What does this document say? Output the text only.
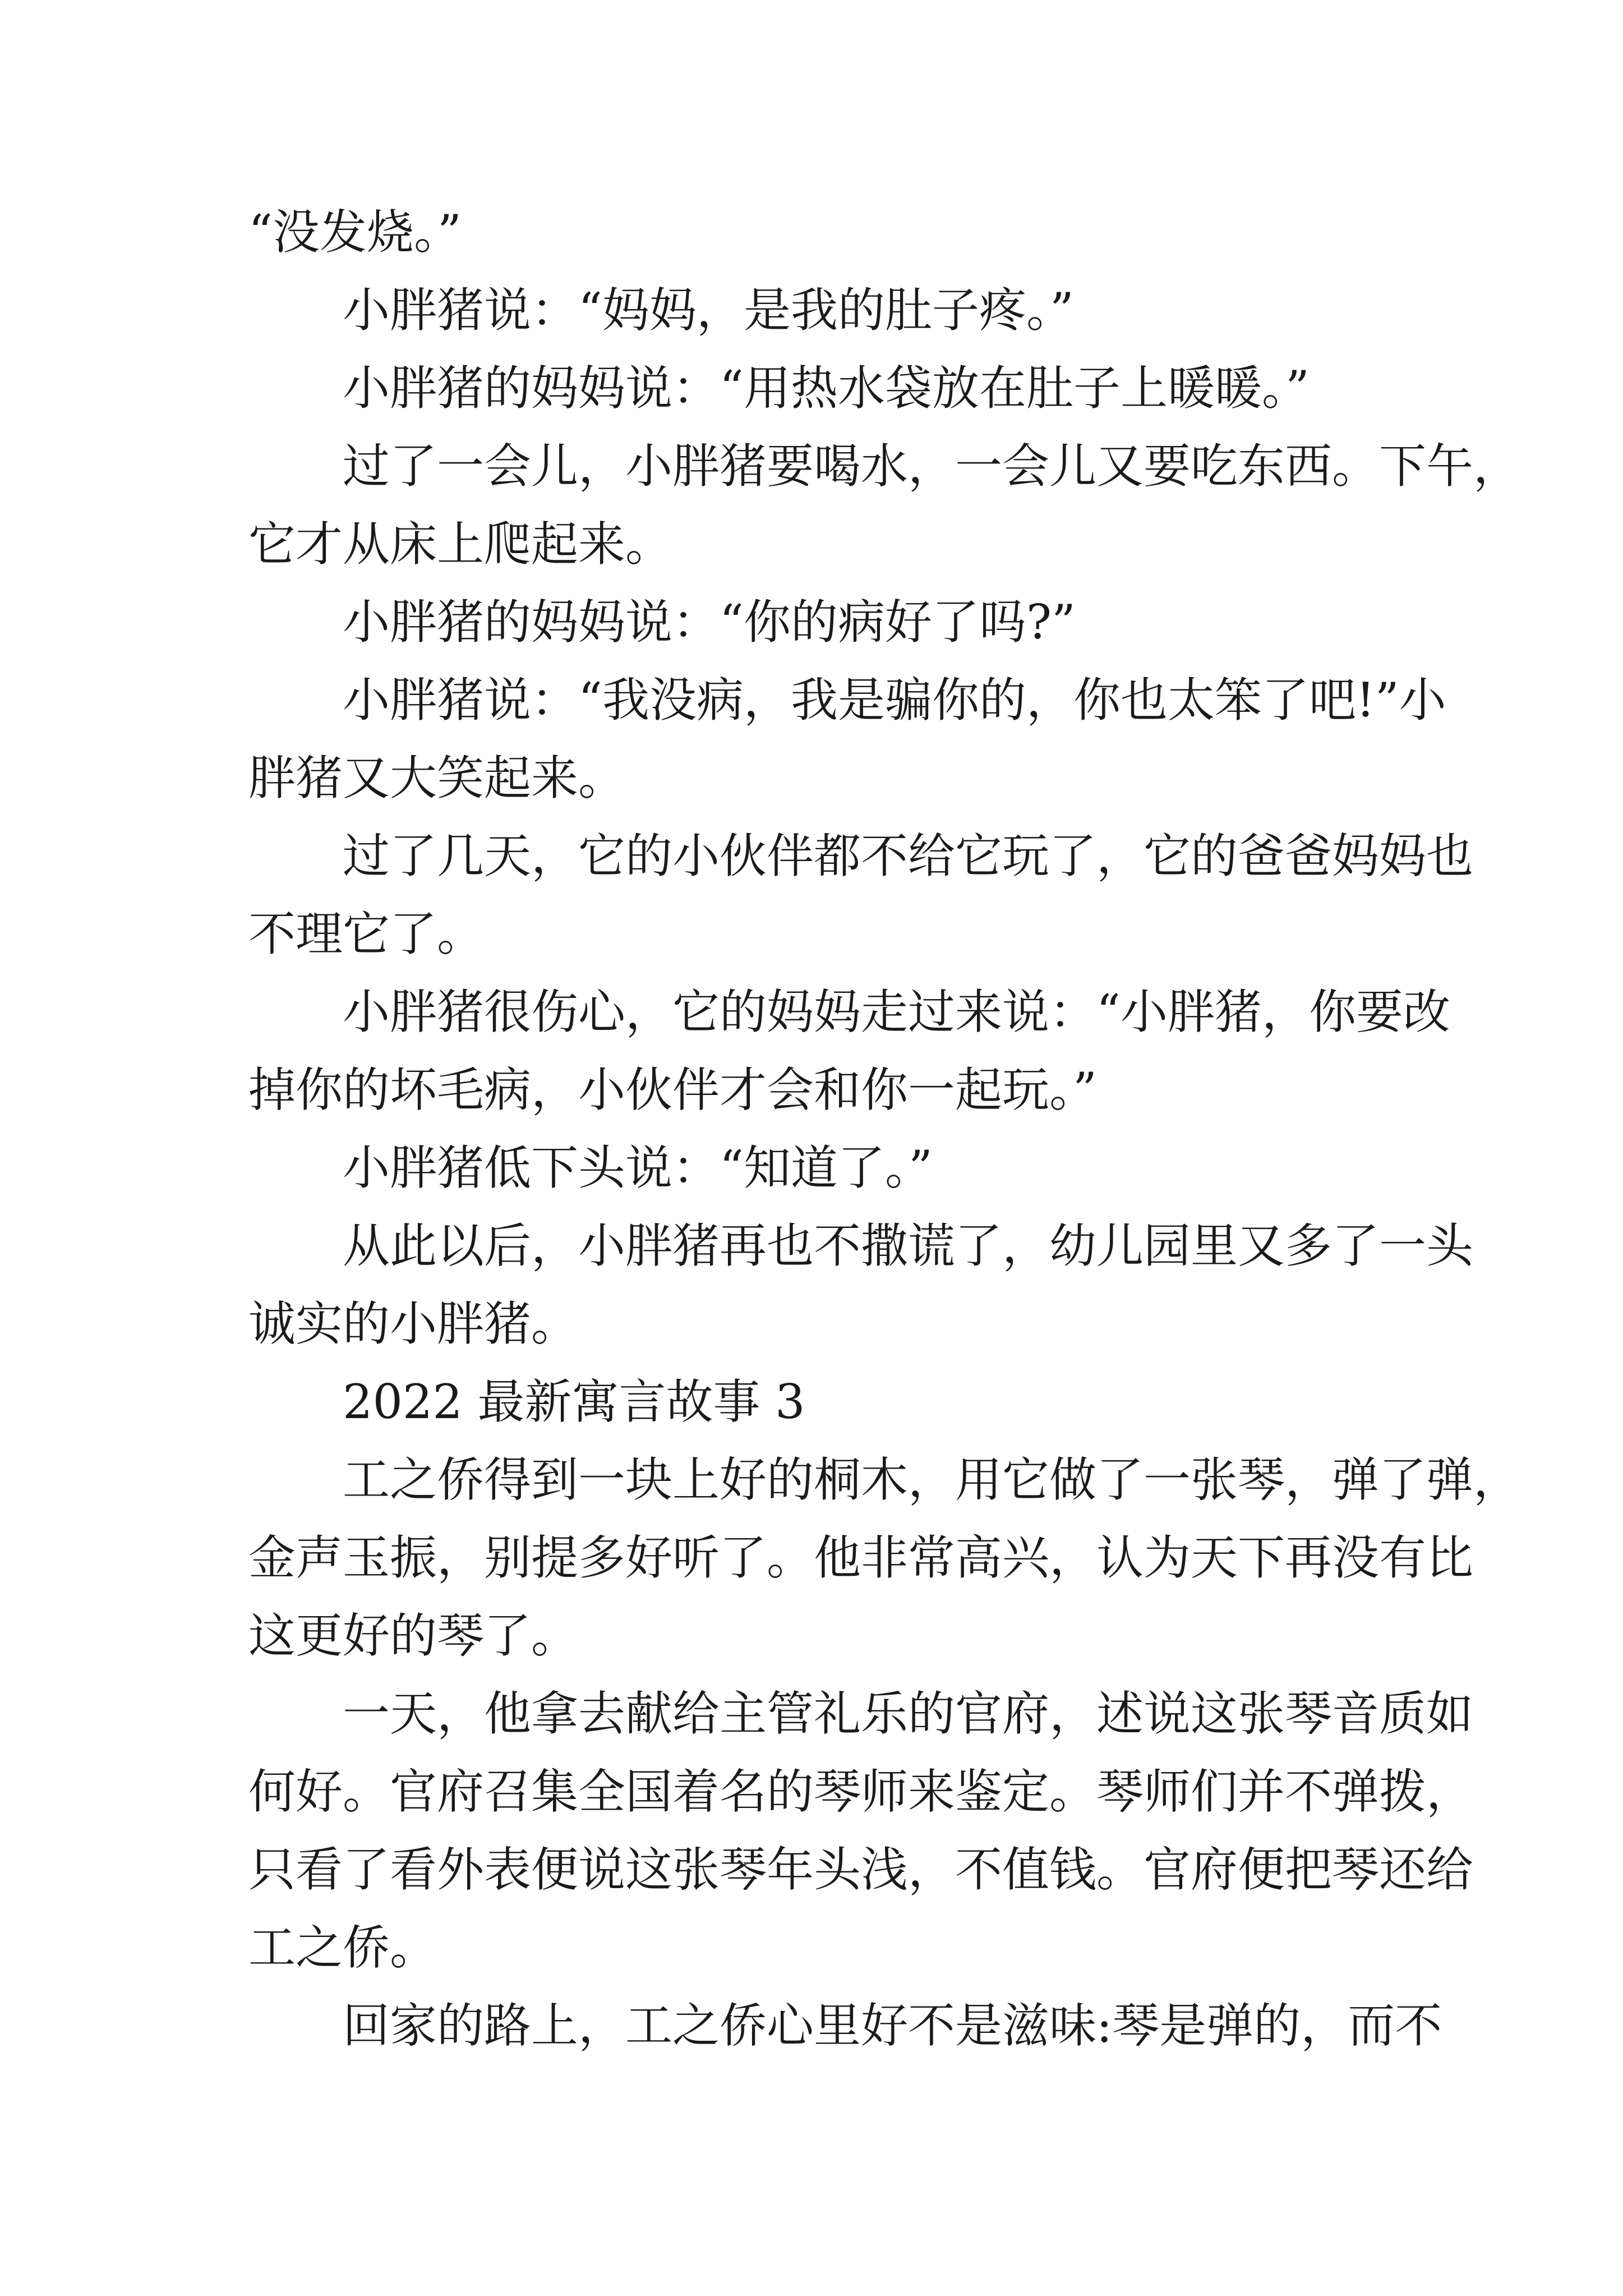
“没发烧。”
小胖猪说：“妈妈，是我的肚子疼。”
小胖猪的妈妈说：“用热水袋放在肚子上暖暖。”
过了一会儿，小胖猪要喝水，一会儿又要吃东西。下午，
它才从床上爬起来。
小胖猪的妈妈说：“你的病好了吗?”
小胖猪说：“我没病，我是骗你的，你也太笨了吧!”小
胖猪又大笑起来。
过了几天，它的小伙伴都不给它玩了，它的爸爸妈妈也
不理它了。
小胖猪很伤心，它的妈妈走过来说：“小胖猪，你要改
掉你的坏毛病，小伙伴才会和你一起玩。”
小胖猪低下头说：“知道了。”
从此以后，小胖猪再也不撒谎了，幼儿园里又多了一头
诚实的小胖猪。
2022 最新寓言故事 3
工之侨得到一块上好的桐木，用它做了一张琴，弹了弹，
金声玉振，别提多好听了。他非常高兴，认为天下再没有比
这更好的琴了。
一天，他拿去献给主管礼乐的官府，述说这张琴音质如
何好。官府召集全国着名的琴师来鉴定。琴师们并不弹拨，
只看了看外表便说这张琴年头浅，不值钱。官府便把琴还给
工之侨。
回家的路上，工之侨心里好不是滋味:琴是弹的，而不
